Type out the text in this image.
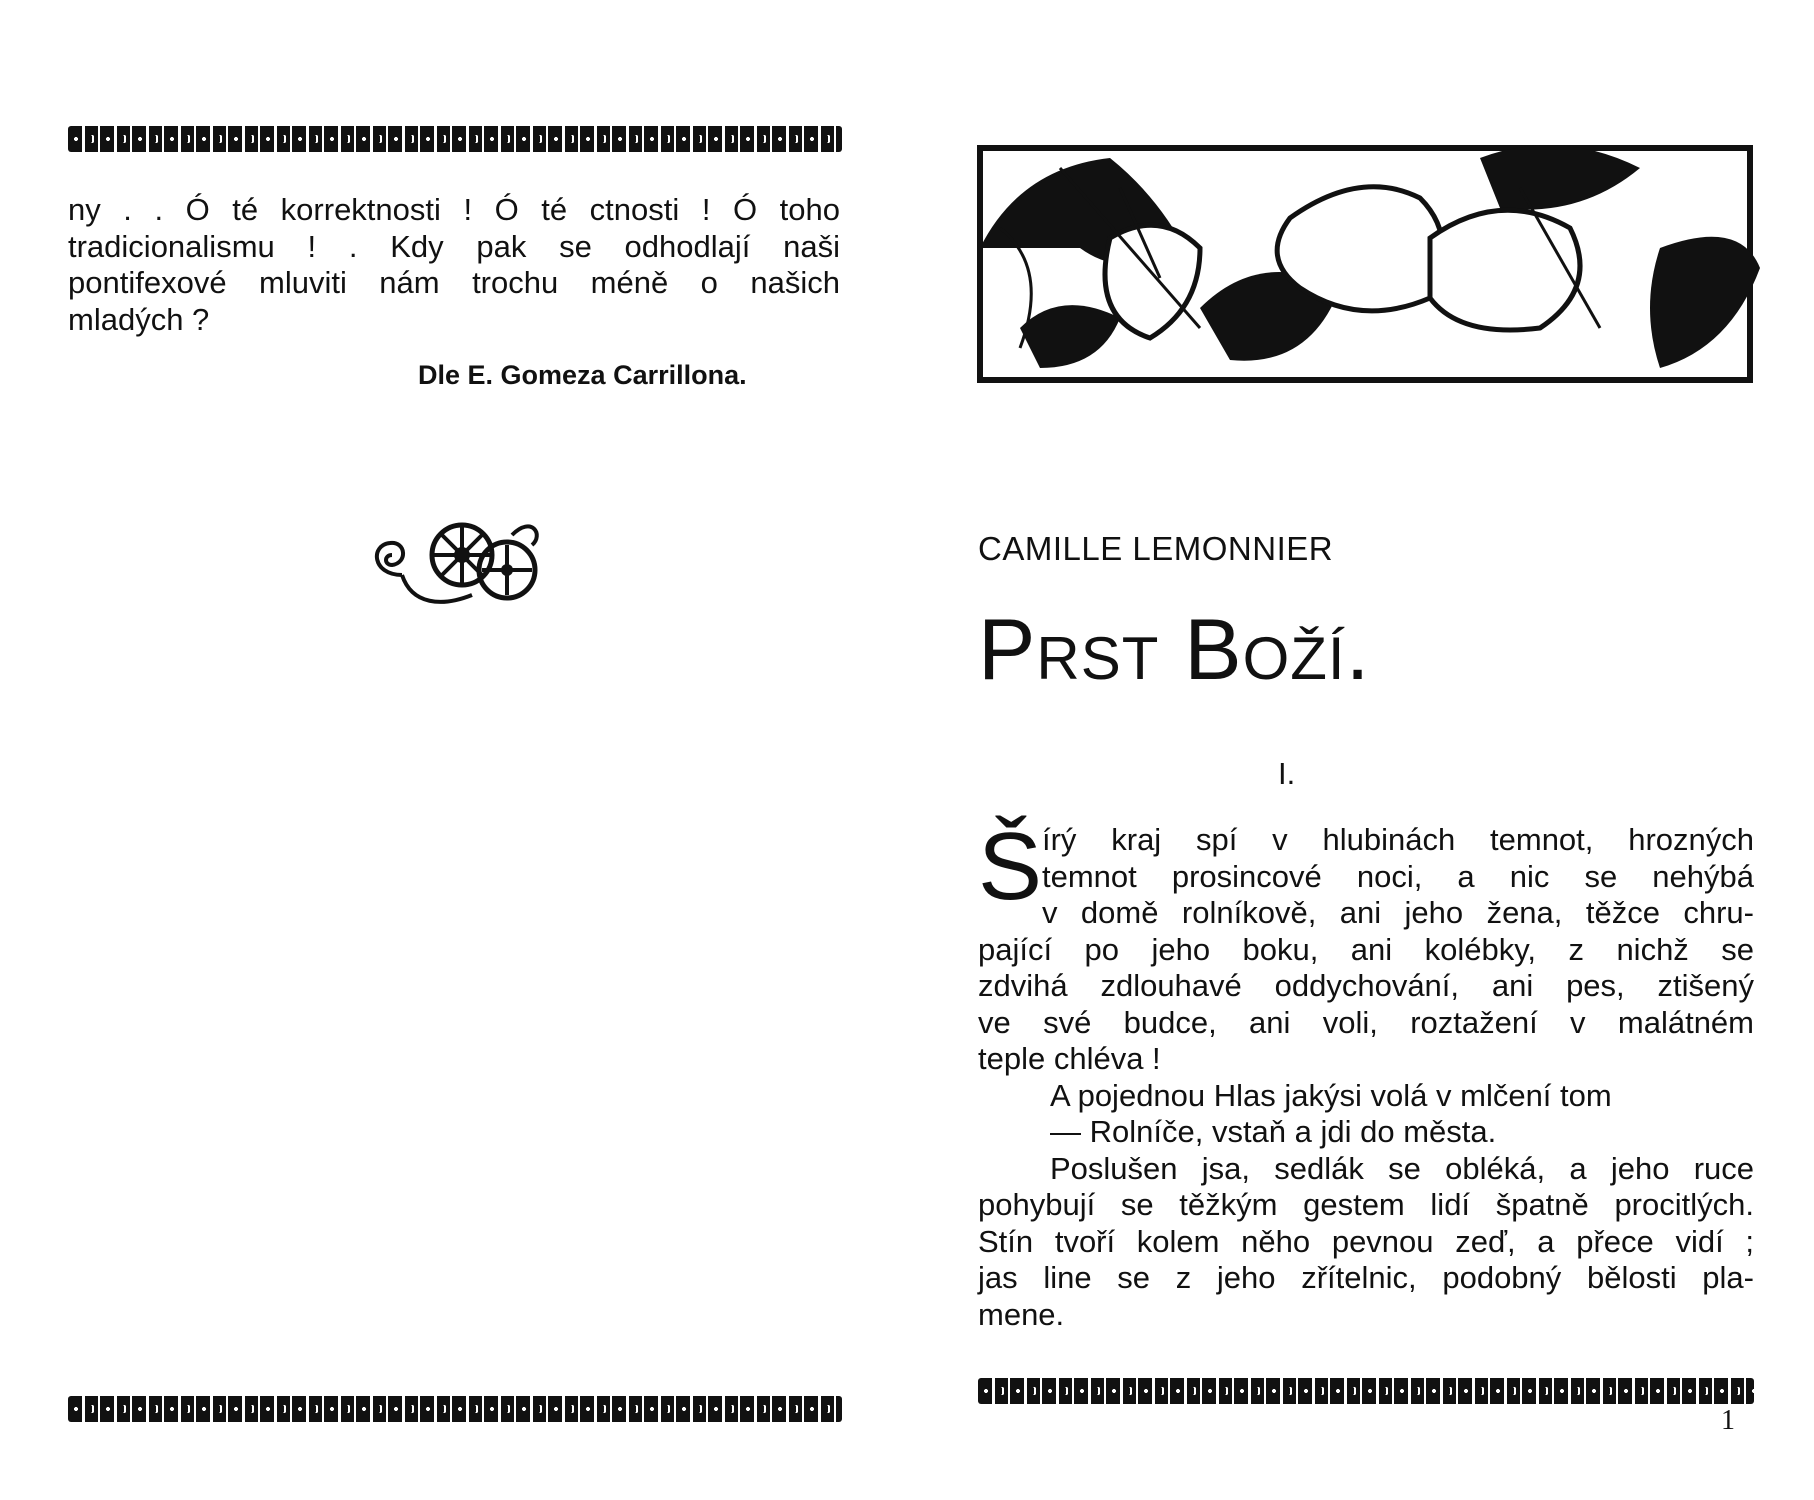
ny . . Ó té korrektnosti ! Ó té ctnosti ! Ó toho
tradicionalismu ! . Kdy pak se odhodlají naši
pontifexové mluviti nám trochu méně o našich
mladých ?
Dle E. Gomeza Carrillona.
CAMILLE LEMONNIER
Prst Boží.
I.
Š írý kraj spí v hlubinách temnot, hrozných
temnot prosincové noci, a nic se nehýbá
v domě rolníkově, ani jeho žena, těžce chru-
pající po jeho boku, ani kolébky, z nichž se
zdvihá zdlouhavé oddychování, ani pes, ztišený
ve své budce, ani voli, roztažení v malátném
teple chléva !
A pojednou Hlas jakýsi volá v mlčení tom
— Rolníče, vstaň a jdi do města.
Poslušen jsa, sedlák se obléká, a jeho ruce
pohybují se těžkým gestem lidí špatně procitlých.
Stín tvoří kolem něho pevnou zeď, a přece vidí ;
jas line se z jeho zřítelnic, podobný bělosti pla-
mene.
1
